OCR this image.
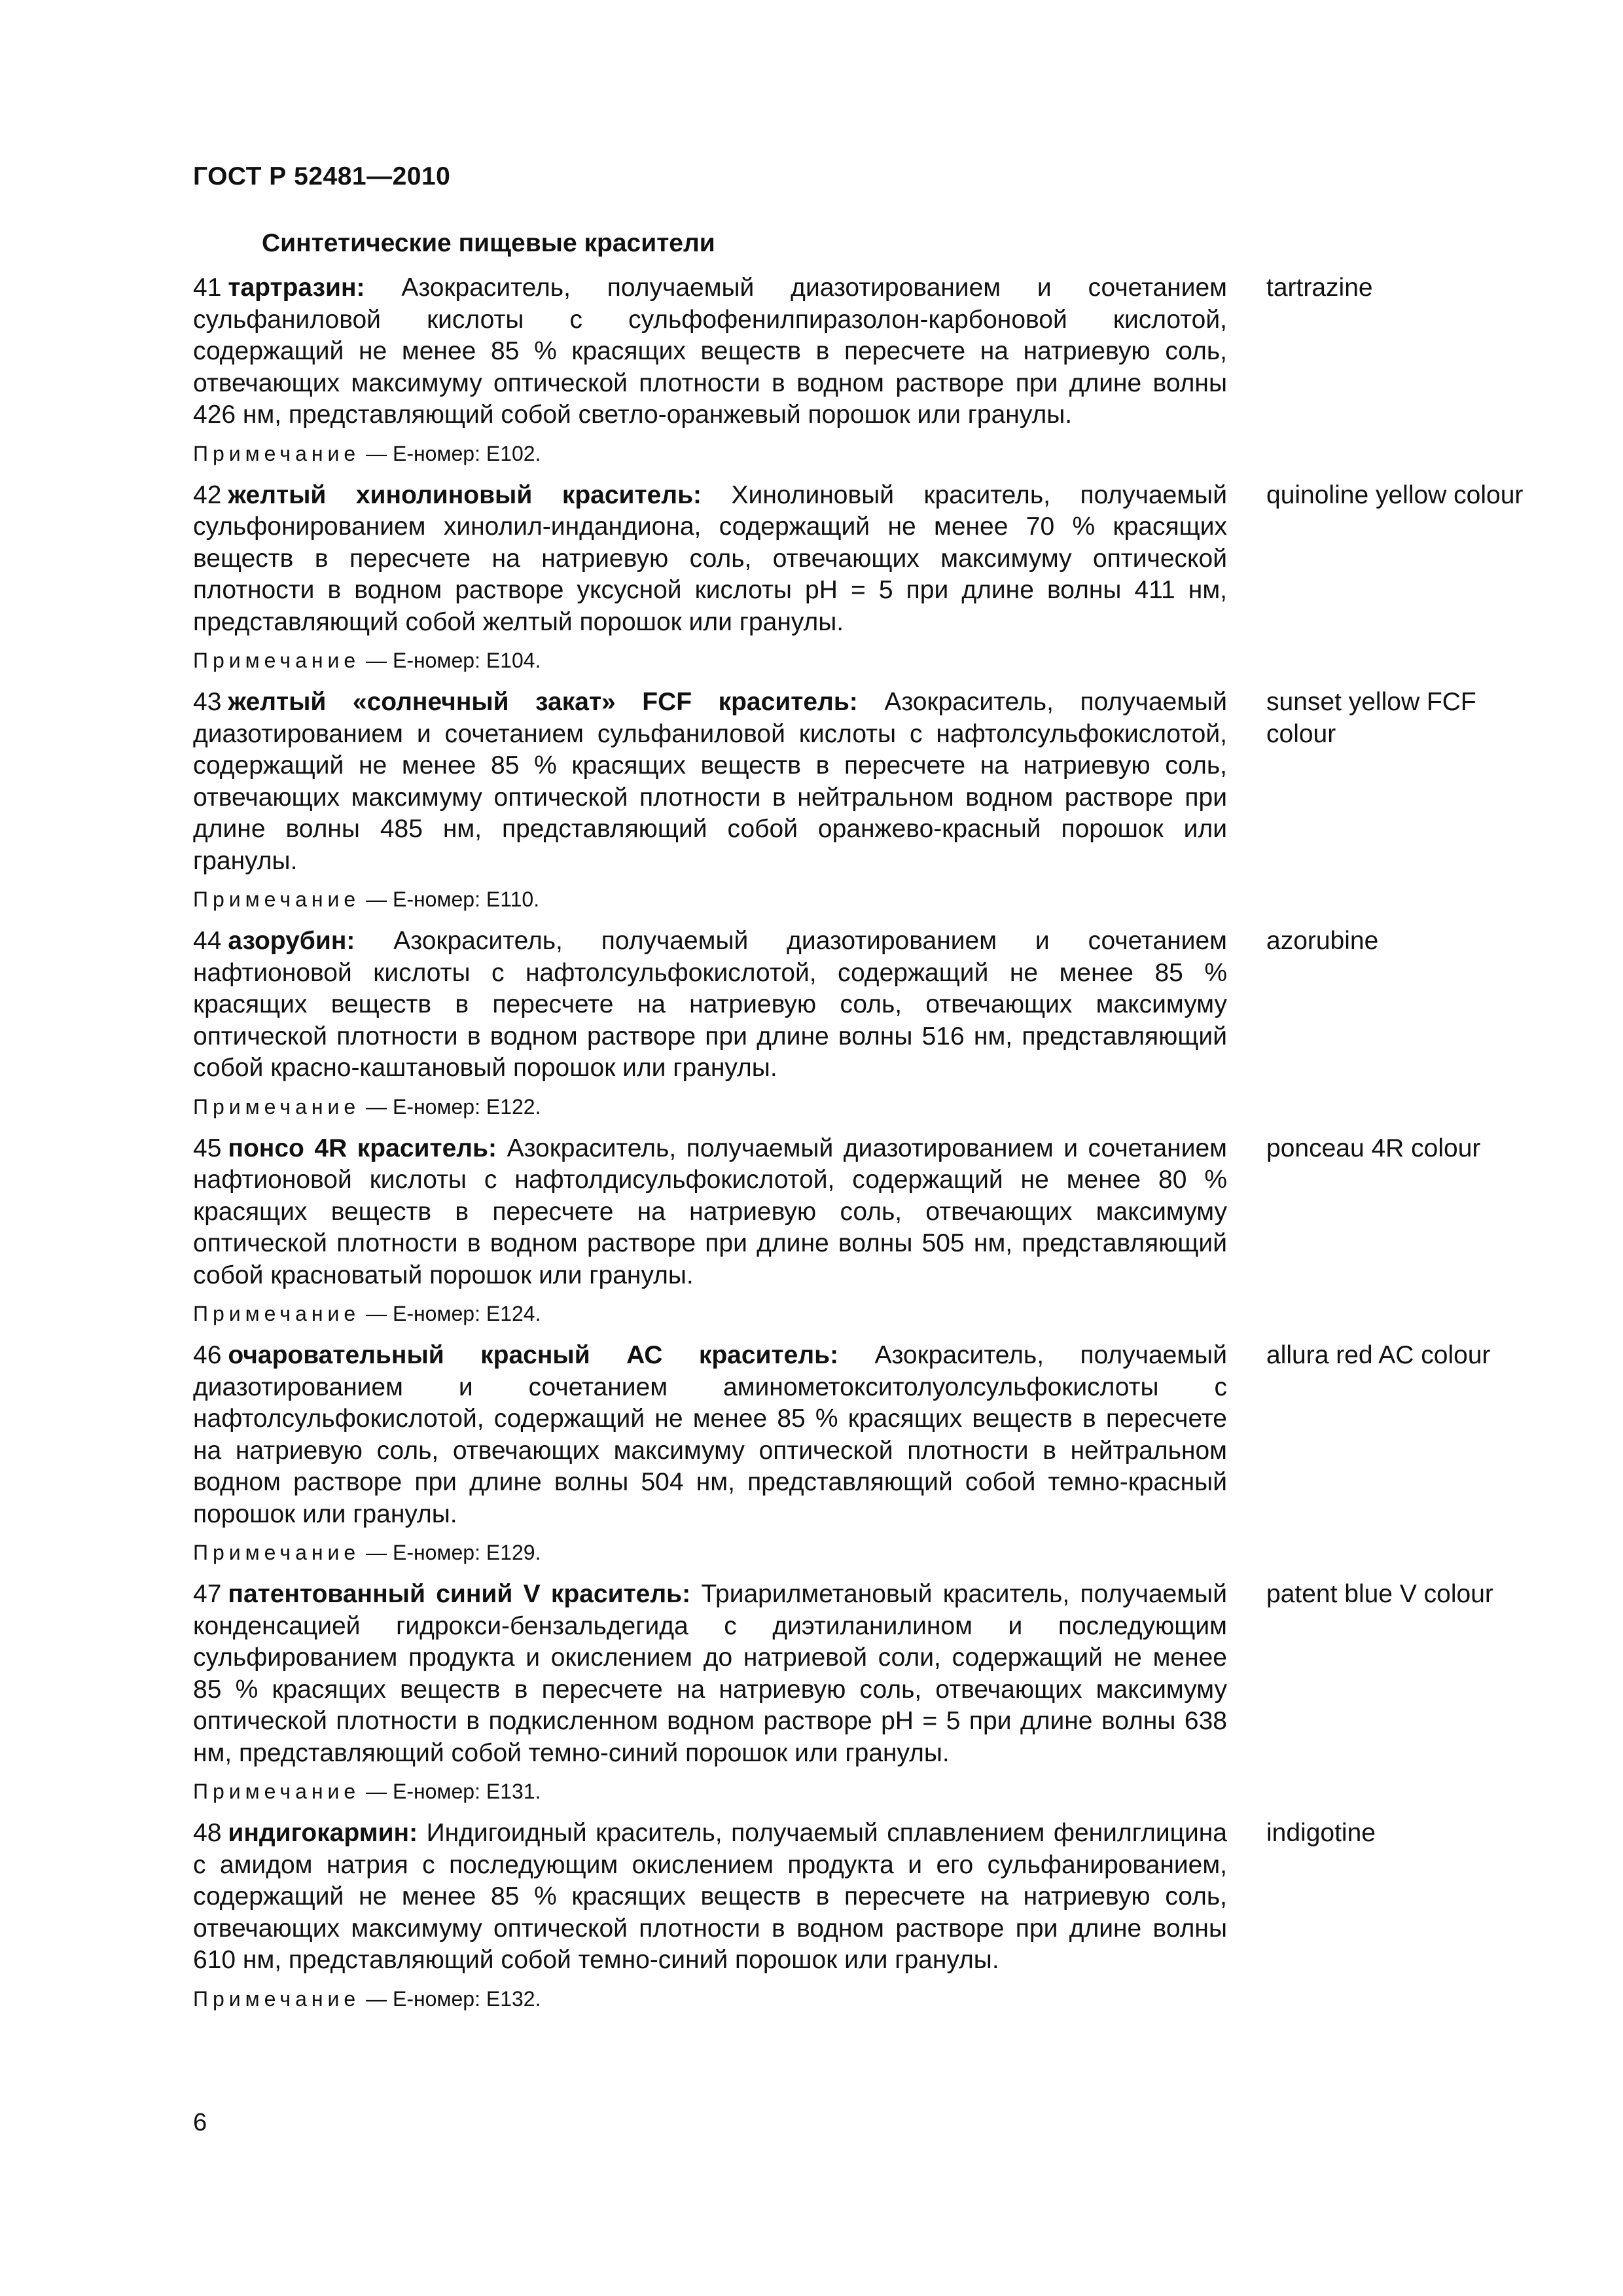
ГОСТ Р 52481—2010
Синтетические пищевые красители
41 тартразин: Азокраситель, получаемый диазотированием и сочетанием сульфаниловой кислоты с сульфофенилпиразолон-карбоновой кислотой, содержащий не менее 85 % красящих веществ в пересчете на натриевую соль, отвечающих максимуму оптической плотности в водном растворе при длине волны 426 нм, представляющий собой светло-оранжевый порошок или гранулы.
tartrazine
Примечание — Е-номер: Е102.
42 желтый хинолиновый краситель: Хинолиновый краситель, получаемый сульфонированием хинолил-индандиона, содержащий не менее 70 % красящих веществ в пересчете на натриевую соль, отвечающих максимуму оптической плотности в водном растворе уксусной кислоты pH = 5 при длине волны 411 нм, представляющий собой желтый порошок или гранулы.
quinoline yellow colour
Примечание — Е-номер: Е104.
43 желтый «солнечный закат» FCF краситель: Азокраситель, получаемый диазотированием и сочетанием сульфаниловой кислоты с нафтолсульфокислотой, содержащий не менее 85 % красящих веществ в пересчете на натриевую соль, отвечающих максимуму оптической плотности в нейтральном водном растворе при длине волны 485 нм, представляющий собой оранжево-красный порошок или гранулы.
sunset yellow FCF colour
Примечание — Е-номер: Е110.
44 азорубин: Азокраситель, получаемый диазотированием и сочетанием нафтионовой кислоты с нафтолсульфокислотой, содержащий не менее 85 % красящих веществ в пересчете на натриевую соль, отвечающих максимуму оптической плотности в водном растворе при длине волны 516 нм, представляющий собой красно-каштановый порошок или гранулы.
azorubine
Примечание — Е-номер: Е122.
45 понсо 4R краситель: Азокраситель, получаемый диазотированием и сочетанием нафтионовой кислоты с нафтолдисульфокислотой, содержащий не менее 80 % красящих веществ в пересчете на натриевую соль, отвечающих максимуму оптической плотности в водном растворе при длине волны 505 нм, представляющий собой красноватый порошок или гранулы.
ponceau 4R colour
Примечание — Е-номер: Е124.
46 очаровательный красный АС краситель: Азокраситель, получаемый диазотированием и сочетанием аминометокситолуолсульфокислоты с нафтолсульфокислотой, содержащий не менее 85 % красящих веществ в пересчете на натриевую соль, отвечающих максимуму оптической плотности в нейтральном водном растворе при длине волны 504 нм, представляющий собой темно-красный порошок или гранулы.
allura red AC colour
Примечание — Е-номер: Е129.
47 патентованный синий V краситель: Триарилметановый краситель, получаемый конденсацией гидрокси-бензальдегида с диэтиланилином и последующим сульфированием продукта и окислением до натриевой соли, содержащий не менее 85 % красящих веществ в пересчете на натриевую соль, отвечающих максимуму оптической плотности в подкисленном водном растворе pH = 5 при длине волны 638 нм, представляющий собой темно-синий порошок или гранулы.
patent blue V colour
Примечание — Е-номер: Е131.
48 индигокармин: Индигоидный краситель, получаемый сплавлением фенилглицина с амидом натрия с последующим окислением продукта и его сульфанированием, содержащий не менее 85 % красящих веществ в пересчете на натриевую соль, отвечающих максимуму оптической плотности в водном растворе при длине волны 610 нм, представляющий собой темно-синий порошок или гранулы.
indigotine
Примечание — Е-номер: Е132.
6
